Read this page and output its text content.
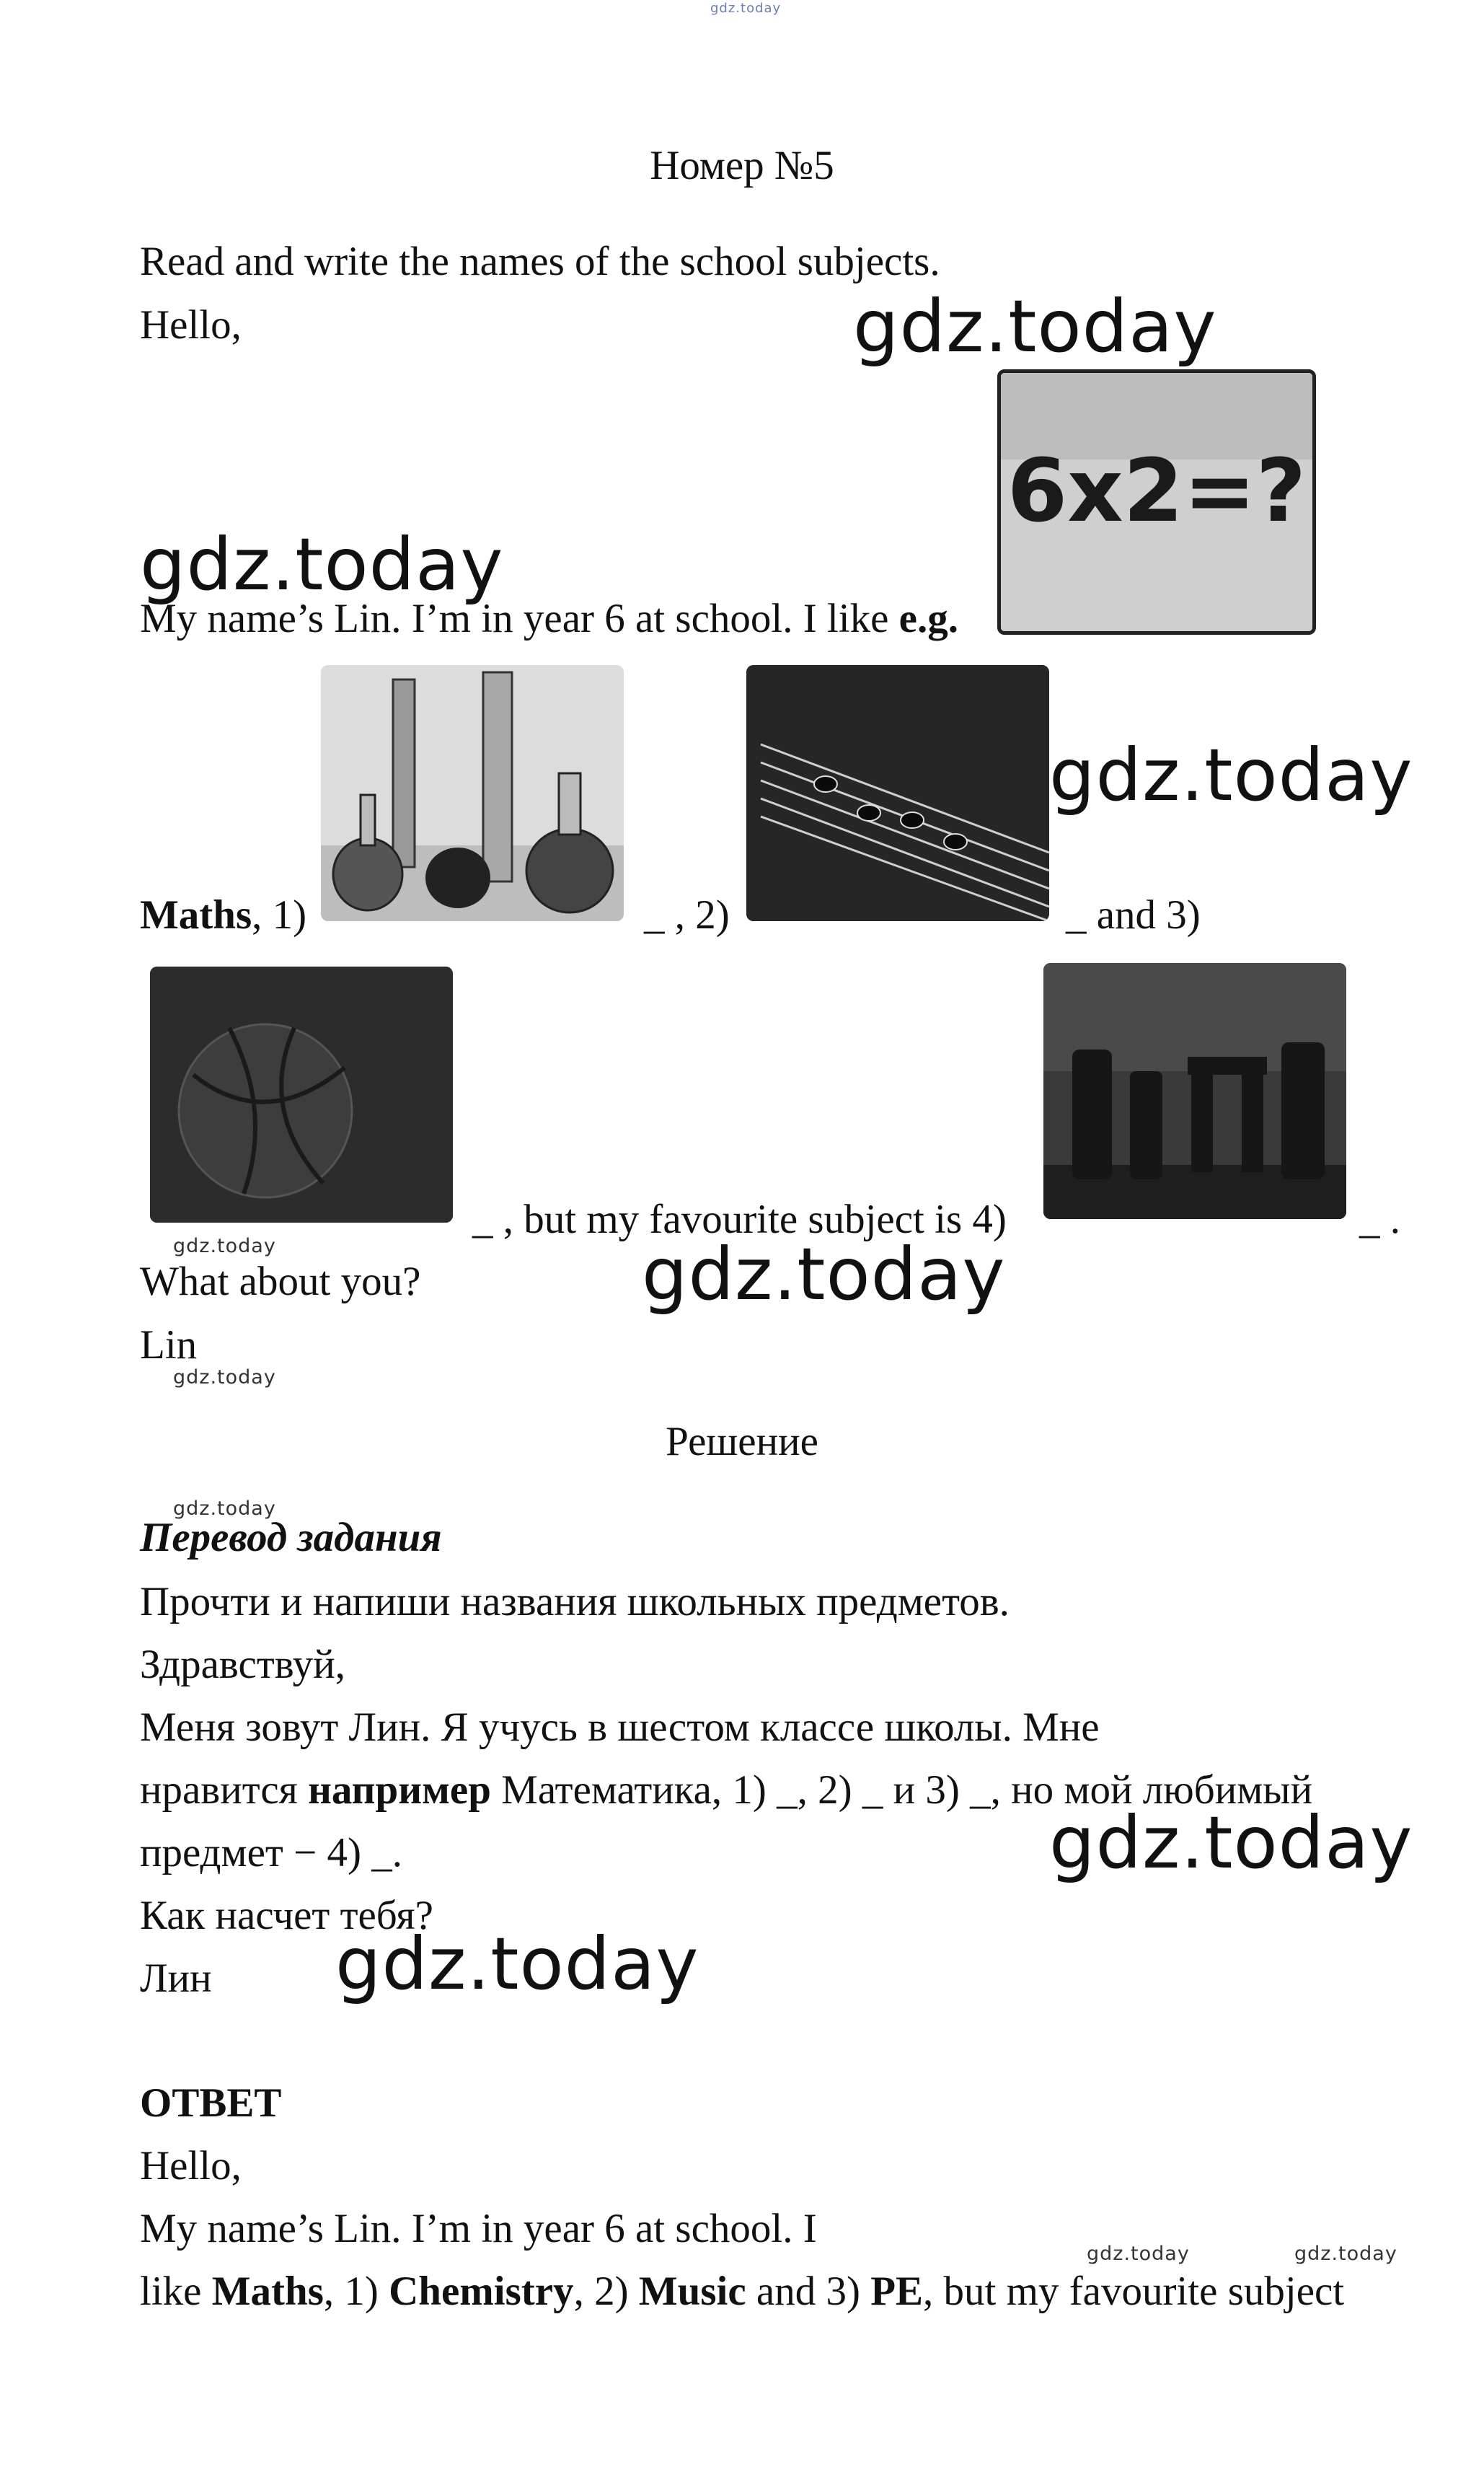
gdz.today
Номер №5
Read and write the names of the school subjects.
Hello,	gdz.today
6x2=?
gdz.today
My name’s Lin. I’m in year 6 at school. I like e.g.
gdz.today
Maths, 1)	_ , 2)	_ and 3)
_ , but my favourite subject is 4)	_ .
gdz.today
What about you?	gdz.today
Lin
gdz.today
Решение
gdz.today
Перевод задания
Прочти и напиши названия школьных предметов.
Здравствуй,
Меня зовут Лин. Я учусь в шестом классе школы. Мне
нравится например Математика, 1) _, 2) _ и 3) _, но мой любимый
предмет − 4) _.	gdz.today
Как насчет тебя?
Лин gdz.today
ОТВЕТ
Hello,
My name’s Lin. I’m in year 6 at school. I
gdz.today	gdz.today
like Maths, 1) Chemistry, 2) Music and 3) PE, but my favourite subject
